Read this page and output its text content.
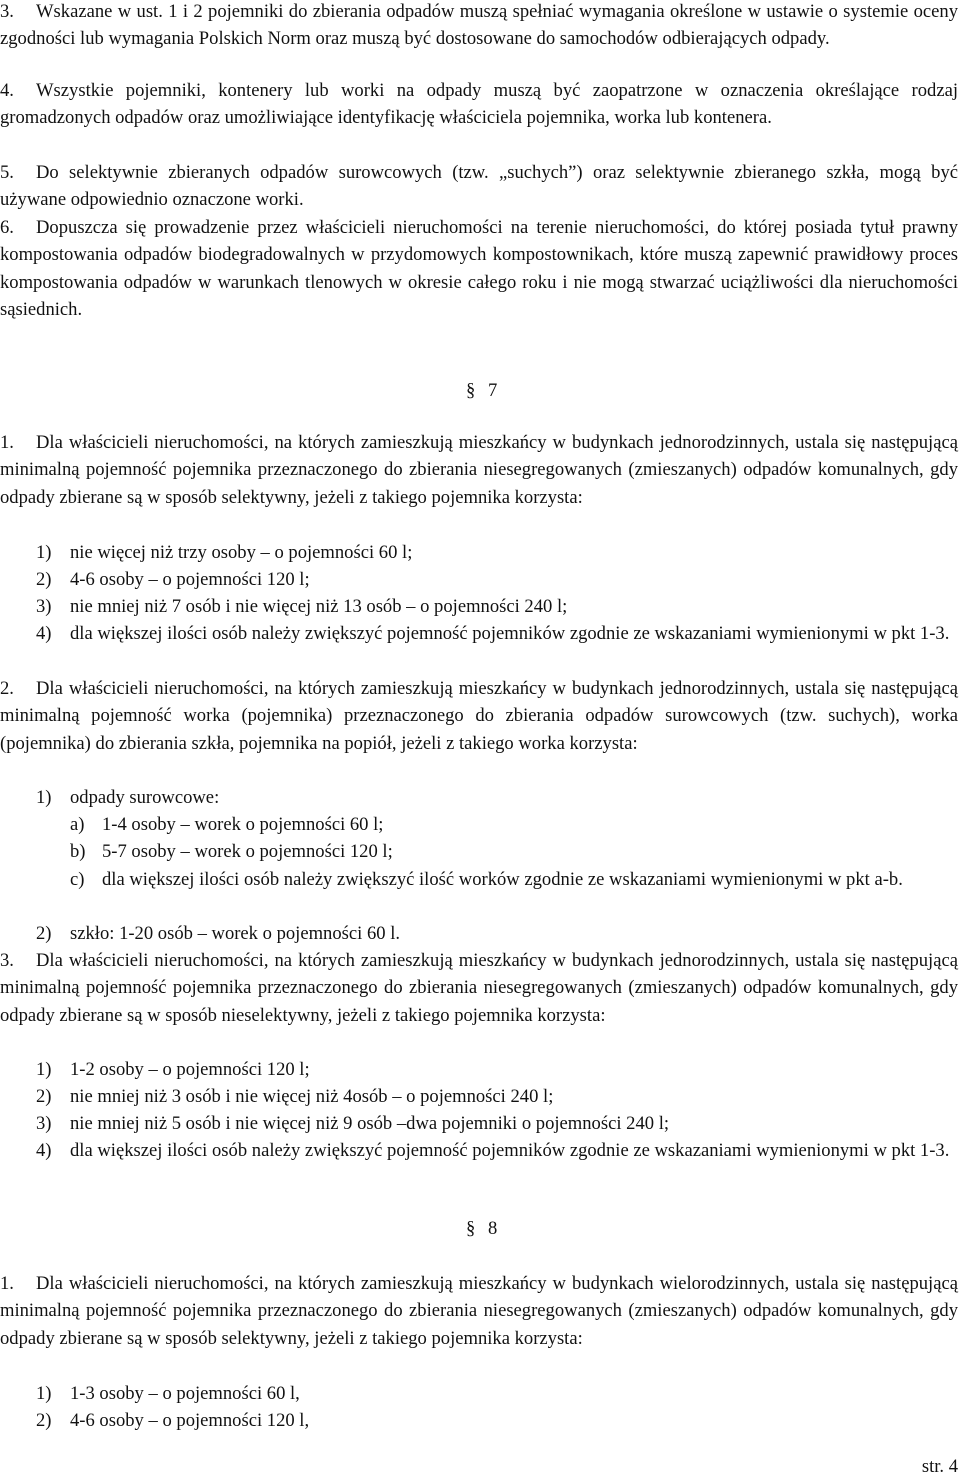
3.	Wskazane w ust. 1 i 2 pojemniki do zbierania odpadów muszą spełniać wymagania określone w ustawie o systemie oceny zgodności lub wymagania Polskich Norm oraz muszą być dostosowane do samochodów odbierających odpady.
4.	Wszystkie pojemniki, kontenery lub worki na odpady muszą być zaopatrzone w oznaczenia określające rodzaj gromadzonych odpadów oraz umożliwiające identyfikację właściciela pojemnika, worka lub kontenera.
5.	Do selektywnie zbieranych odpadów surowcowych (tzw. „suchych”) oraz selektywnie zbieranego szkła, mogą być używane odpowiednio oznaczone worki.
6.	Dopuszcza się prowadzenie przez właścicieli nieruchomości na terenie nieruchomości, do której posiada tytuł prawny kompostowania odpadów biodegradowalnych w przydomowych kompostownikach, które muszą zapewnić prawidłowy proces kompostowania odpadów w warunkach tlenowych w okresie całego roku i nie mogą stwarzać uciążliwości dla nieruchomości sąsiednich.
§ 7
1.	Dla właścicieli nieruchomości, na których zamieszkują mieszkańcy w budynkach jednorodzinnych, ustala się następującą minimalną pojemność pojemnika przeznaczonego do zbierania niesegregowanych (zmieszanych) odpadów komunalnych, gdy odpady zbierane są w sposób selektywny, jeżeli z takiego pojemnika korzysta:
1) nie więcej niż trzy osoby – o pojemności 60 l;
2) 4-6 osoby – o pojemności 120 l;
3) nie mniej niż 7 osób i nie więcej niż 13 osób – o pojemności 240 l;
4) dla większej ilości osób należy zwiększyć pojemność pojemników zgodnie ze wskazaniami wymienionymi w pkt 1-3.
2.	Dla właścicieli nieruchomości, na których zamieszkują mieszkańcy w budynkach jednorodzinnych, ustala się następującą minimalną pojemność worka (pojemnika) przeznaczonego do zbierania odpadów surowcowych (tzw. suchych), worka (pojemnika) do zbierania szkła, pojemnika na popiół, jeżeli z takiego worka korzysta:
1) odpady surowcowe:
a) 1-4 osoby – worek o pojemności 60 l;
b) 5-7 osoby – worek o pojemności 120 l;
c) dla większej ilości osób należy zwiększyć ilość worków zgodnie ze wskazaniami wymienionymi w pkt a-b.
2) szkło: 1-20 osób – worek o pojemności 60 l.
3.	Dla właścicieli nieruchomości, na których zamieszkują mieszkańcy w budynkach jednorodzinnych, ustala się następującą minimalną pojemność pojemnika przeznaczonego do zbierania niesegregowanych (zmieszanych) odpadów komunalnych, gdy odpady zbierane są w sposób nieselektywny, jeżeli z takiego pojemnika korzysta:
1) 1-2 osoby – o pojemności 120 l;
2) nie mniej niż 3 osób i nie więcej niż 4osób – o pojemności 240 l;
3) nie mniej niż 5 osób i nie więcej niż 9 osób –dwa pojemniki o pojemności 240 l;
4) dla większej ilości osób należy zwiększyć pojemność pojemników zgodnie ze wskazaniami wymienionymi w pkt 1-3.
§ 8
1.	Dla właścicieli nieruchomości, na których zamieszkują mieszkańcy w budynkach wielorodzinnych, ustala się następującą minimalną pojemność pojemnika przeznaczonego do zbierania niesegregowanych (zmieszanych) odpadów komunalnych, gdy odpady zbierane są w sposób selektywny, jeżeli z takiego pojemnika korzysta:
1) 1-3 osoby – o pojemności 60 l,
2) 4-6 osoby – o pojemności 120 l,
str. 4
